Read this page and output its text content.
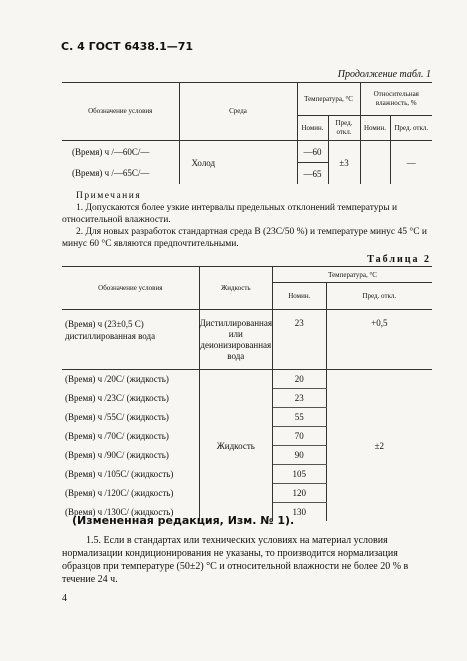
С. 4 ГОСТ 6438.1—71
Продолжение табл. 1
Обозначение условия	Среда	Температура, °С		Относительная влажность, %	
		Номин.	Пред. откл.	Номин.	Пред. откл.
(Время) ч /—60С/—	Холод	—60	±3		—
(Время) ч /—65С/—		—65			
Примечания

1. Допускаются более узкие интервалы предельных отклонений температуры и относительной влажности.

2. Для новых разработок стандартная среда В (23С/50 %) и температуре минус 45 °С и минус 60 °С являются предпочтительными.

Таблица 2
Обозначение условия	Жидкость	Температура, °С	
		Номин.	Пред. откл.
(Время) ч (23±0,5 С) дистиллированная вода	Дистиллированная или деионизированная вода	23	+0,5
(Время) ч /20С/ (жидкость)	Жидкость	20	±2
(Время) ч /23С/ (жидкость)		23	
(Время) ч /55С/ (жидкость)		55	
(Время) ч /70С/ (жидкость)		70	
(Время) ч /90С/ (жидкость)		90	
(Время) ч /105С/ (жидкость)		105	
(Время) ч /120С/ (жидкость)		120	
(Время) ч /130С/ (жидкость)		130	
(Измененная редакция, Изм. № 1).

1.5. Если в стандартах или технических условиях на материал условия нормализации кондиционирования не указаны, то производится нормализация образцов при температуре (50±2) °С и относительной влажности не более 20 % в течение 24 ч.

4
